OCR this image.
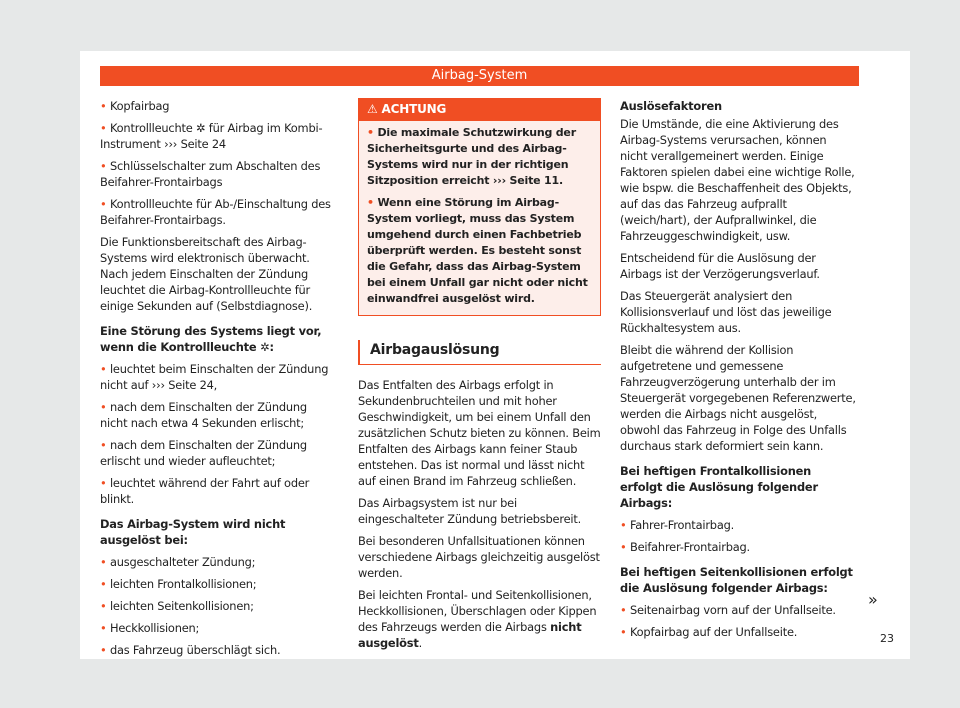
Airbag-System

• Kopfairbag

• Kontrollleuchte ✲ für Airbag im Kombi-Instrument ››› Seite 24

• Schlüsselschalter zum Abschalten des Beifahrer-Frontairbags

• Kontrollleuchte für Ab-/Einschaltung des Beifahrer-Frontairbags.

Die Funktionsbereitschaft des Airbag-Systems wird elektronisch überwacht. Nach jedem Einschalten der Zündung leuchtet die Airbag-Kontrollleuchte für einige Sekunden auf (Selbstdiagnose).

Eine Störung des Systems liegt vor, wenn die Kontrollleuchte ✲:

• leuchtet beim Einschalten der Zündung nicht auf ››› Seite 24,

• nach dem Einschalten der Zündung nicht nach etwa 4 Sekunden erlischt;

• nach dem Einschalten der Zündung erlischt und wieder aufleuchtet;

• leuchtet während der Fahrt auf oder blinkt.

Das Airbag-System wird nicht ausgelöst bei:

• ausgeschalteter Zündung;

• leichten Frontalkollisionen;

• leichten Seitenkollisionen;

• Heckkollisionen;

• das Fahrzeug überschlägt sich.

⚠ ACHTUNG

• Die maximale Schutzwirkung der Sicherheitsgurte und des Airbag-Systems wird nur in der richtigen Sitzposition erreicht ››› Seite 11.

• Wenn eine Störung im Airbag-System vorliegt, muss das System umgehend durch einen Fachbetrieb überprüft werden. Es besteht sonst die Gefahr, dass das Airbag-System bei einem Unfall gar nicht oder nicht einwandfrei ausgelöst wird.

Airbagauslösung

Das Entfalten des Airbags erfolgt in Sekundenbruchteilen und mit hoher Geschwindigkeit, um bei einem Unfall den zusätzlichen Schutz bieten zu können. Beim Entfalten des Airbags kann feiner Staub entstehen. Das ist normal und lässt nicht auf einen Brand im Fahrzeug schließen.

Das Airbagsystem ist nur bei eingeschalteter Zündung betriebsbereit.

Bei besonderen Unfallsituationen können verschiedene Airbags gleichzeitig ausgelöst werden.

Bei leichten Frontal- und Seitenkollisionen, Heckkollisionen, Überschlagen oder Kippen des Fahrzeugs werden die Airbags nicht ausgelöst.

Auslösefaktoren

Die Umstände, die eine Aktivierung des Airbag-Systems verursachen, können nicht verallgemeinert werden. Einige Faktoren spielen dabei eine wichtige Rolle, wie bspw. die Beschaffenheit des Objekts, auf das das Fahrzeug aufprallt (weich/hart), der Aufprallwinkel, die Fahrzeuggeschwindigkeit, usw.

Entscheidend für die Auslösung der Airbags ist der Verzögerungsverlauf.

Das Steuergerät analysiert den Kollisionsverlauf und löst das jeweilige Rückhaltesystem aus.

Bleibt die während der Kollision aufgetretene und gemessene Fahrzeugverzögerung unterhalb der im Steuergerät vorgegebenen Referenzwerte, werden die Airbags nicht ausgelöst, obwohl das Fahrzeug in Folge des Unfalls durchaus stark deformiert sein kann.

Bei heftigen Frontalkollisionen erfolgt die Auslösung folgender Airbags:

• Fahrer-Frontairbag.

• Beifahrer-Frontairbag.

Bei heftigen Seitenkollisionen erfolgt die Auslösung folgender Airbags:

• Seitenairbag vorn auf der Unfallseite.

• Kopfairbag auf der Unfallseite.

»
23
